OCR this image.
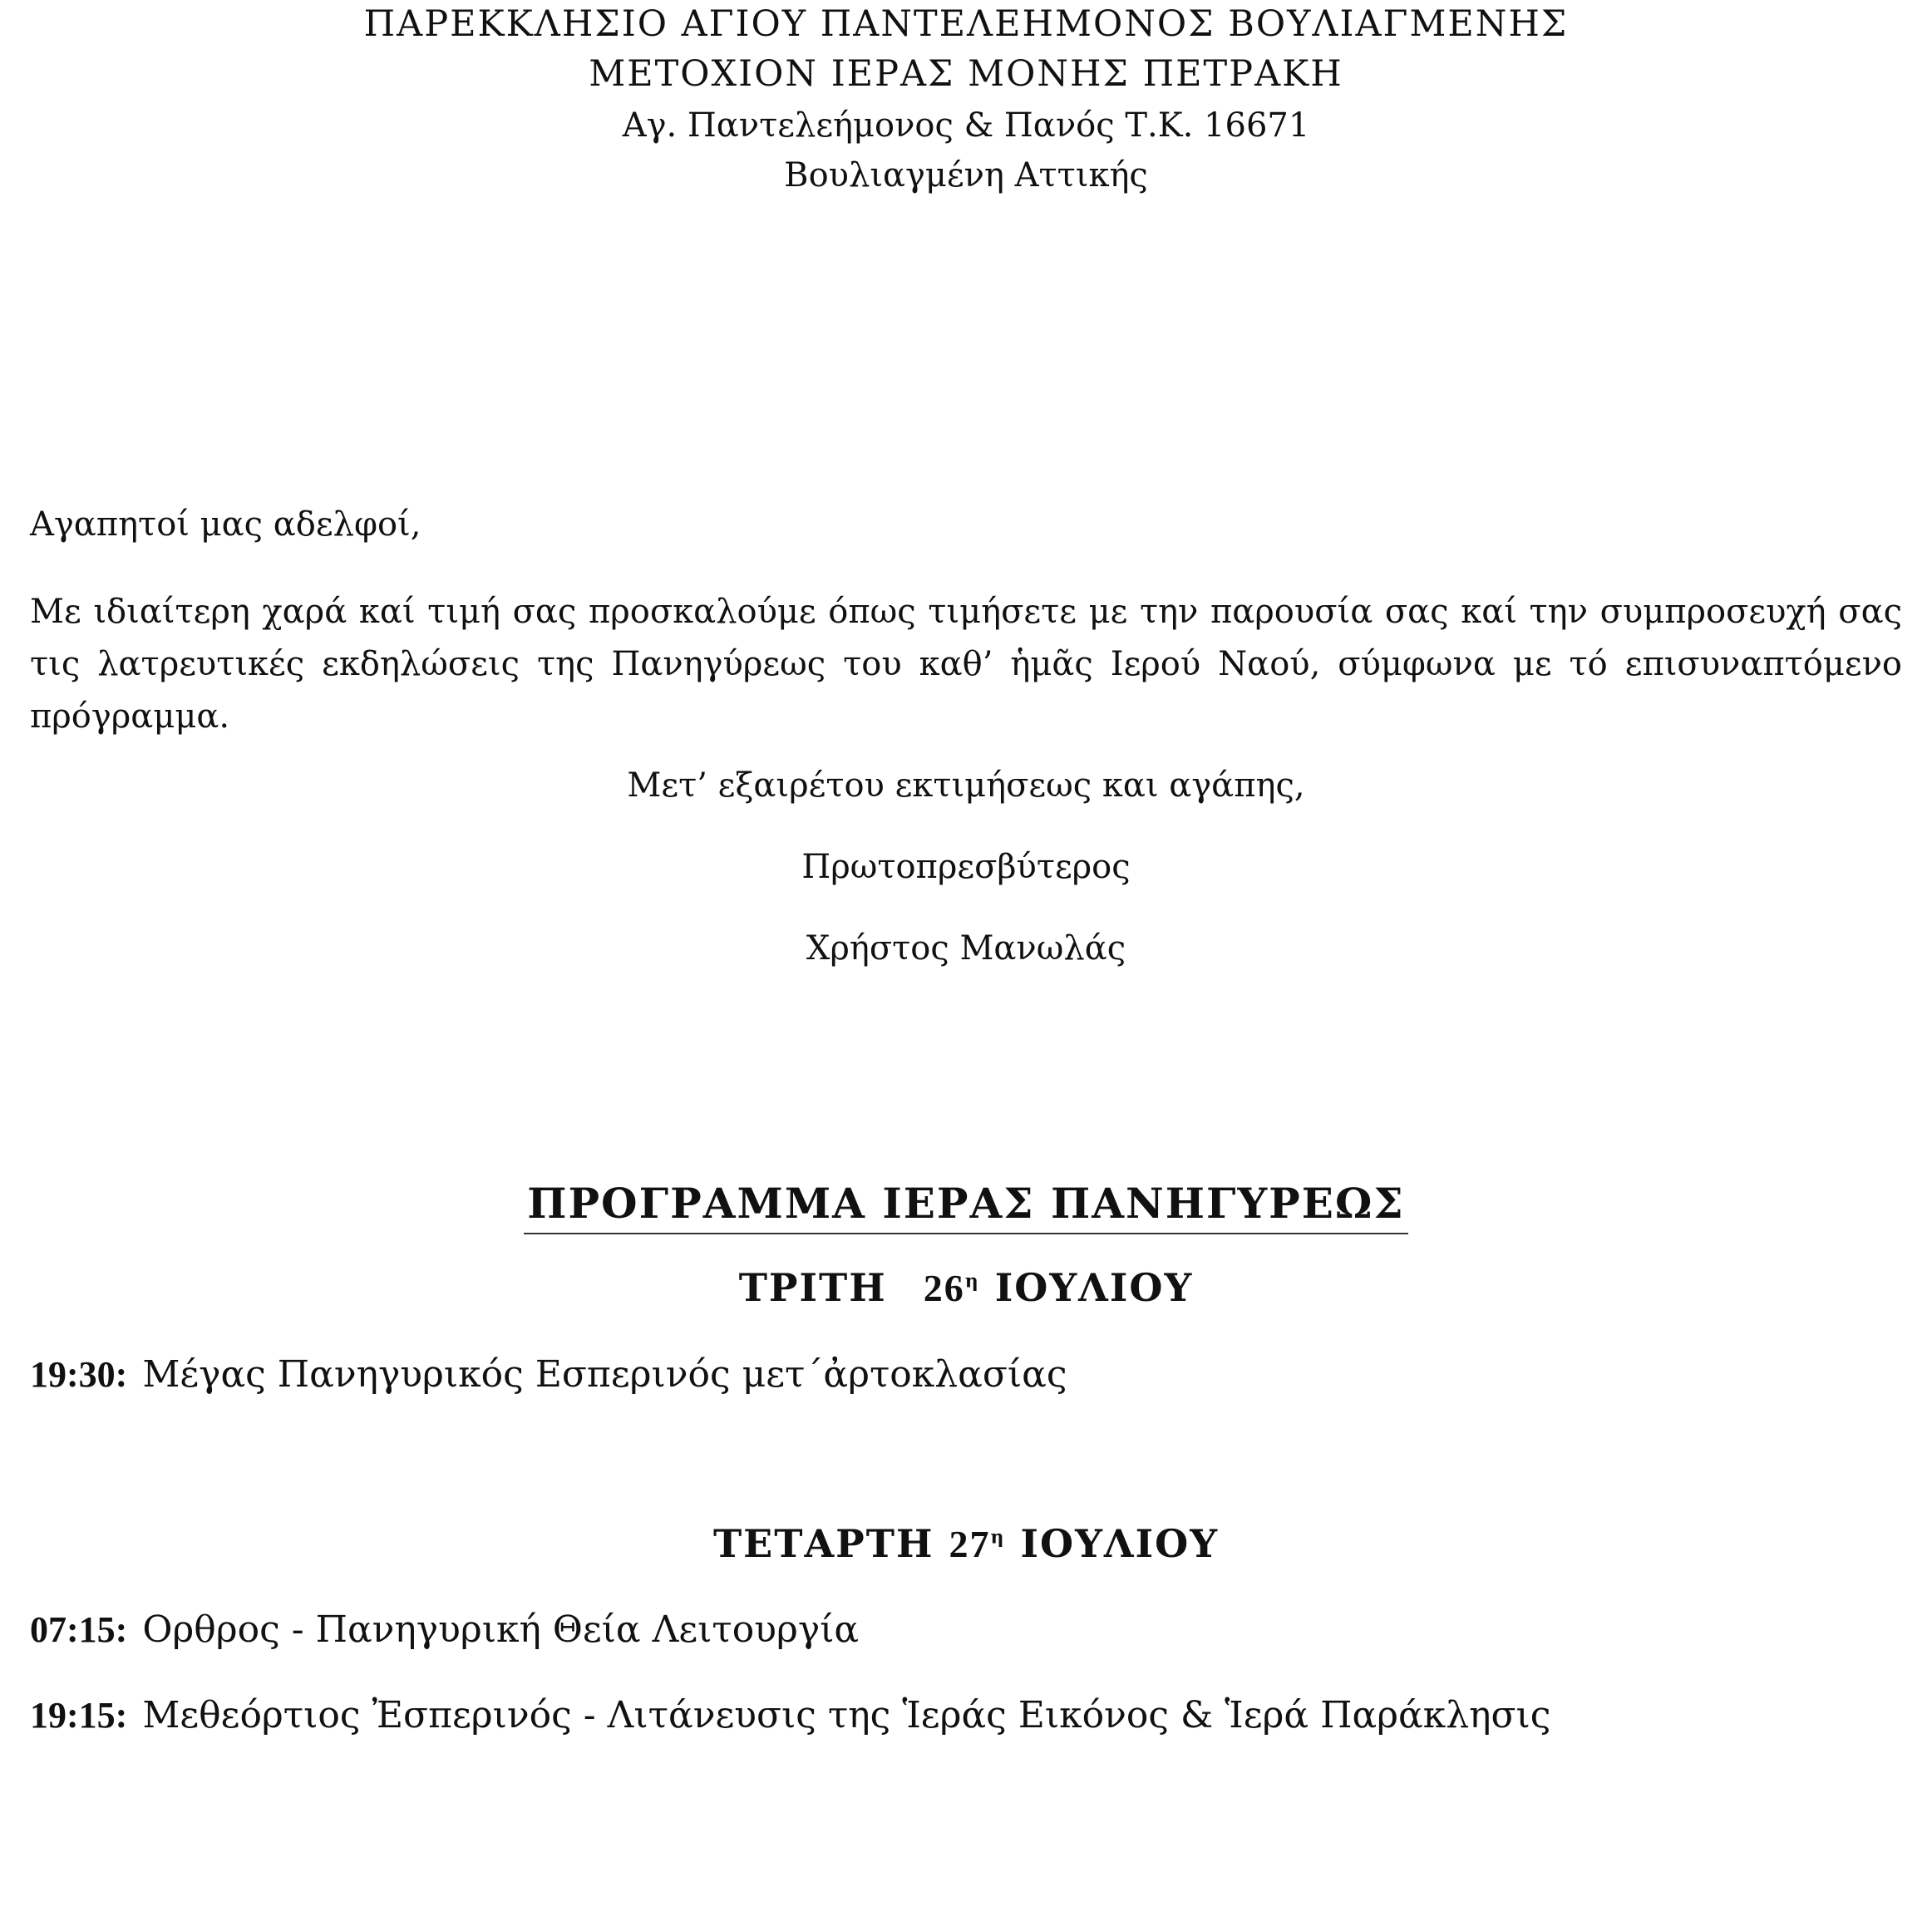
ΠΑΡΕΚΚΛΗΣΙΟ ΑΓΙΟΥ ΠΑΝΤΕΛΕΗΜΟΝΟΣ ΒΟΥΛΙΑΓΜΕΝΗΣ
ΜΕΤΟΧΙΟΝ ΙΕΡΑΣ ΜΟΝΗΣ ΠΕΤΡΑΚΗ
Αγ. Παντελεήμονος & Πανός Τ.Κ. 16671
Βουλιαγμένη Αττικής
Αγαπητοί μας αδελφοί,
Με ιδιαίτερη χαρά καί τιμή σας προσκαλούμε όπως τιμήσετε με την παρουσία σας καί την συμπροσευχή σας τις λατρευτικές εκδηλώσεις της Πανηγύρεως του καθ’ ἡμᾶς Ιερού Ναού, σύμφωνα με τό επισυναπτόμενο πρόγραμμα.
Μετ’ εξαιρέτου εκτιμήσεως και αγάπης,
Πρωτοπρεσβύτερος
Χρήστος Μανωλάς
ΠΡΟΓΡΑΜΜΑ ΙΕΡΑΣ ΠΑΝΗΓΥΡΕΩΣ
ΤΡΙΤΗ $26^\eta$ ΙΟΥΛΙΟΥ
19:30: Μέγας Πανηγυρικός Εσπερινός μετ΄ἀρτοκλασίας
ΤΕΤΑΡΤΗ $27^\eta$ ΙΟΥΛΙΟΥ
07:15: Ορθρος - Πανηγυρική Θεία Λειτουργία
19:15: Μεθεόρτιος Ἐσπερινός - Λιτάνευσις της Ἱεράς Εικόνος & Ἱερά Παράκλησις
